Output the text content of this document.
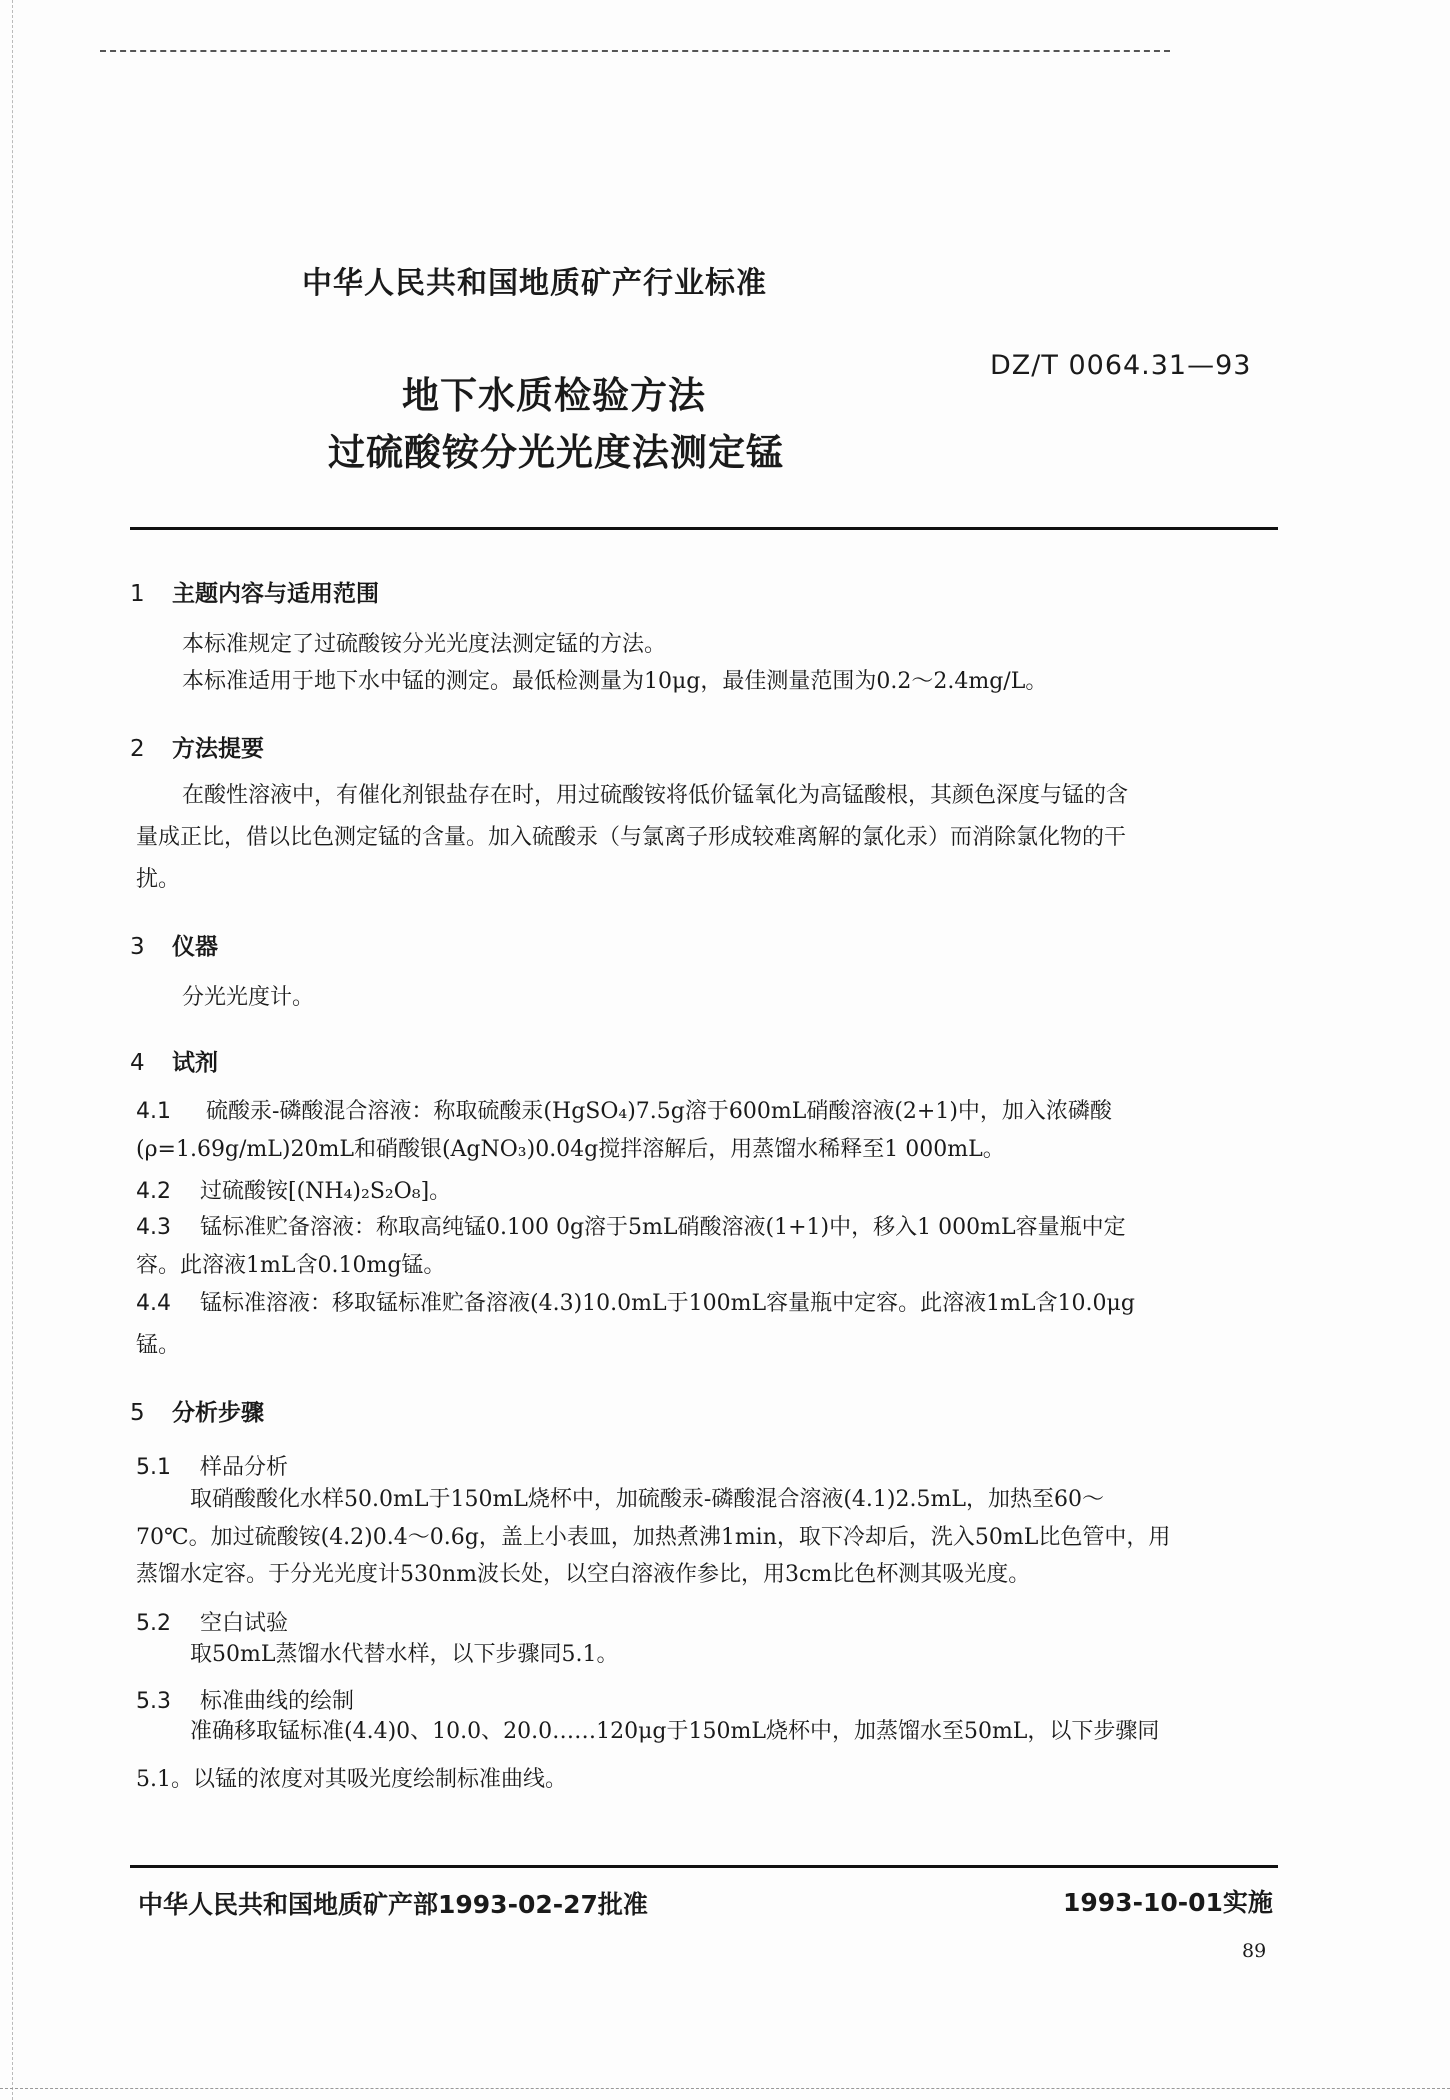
中华人民共和国地质矿产行业标准
DZ/T 0064.31—93
地下水质检验方法
过硫酸铵分光光度法测定锰
1 主题内容与适用范围
本标准规定了过硫酸铵分光光度法测定锰的方法。
本标准适用于地下水中锰的测定。最低检测量为10μg，最佳测量范围为0.2～2.4mg/L。
2 方法提要
在酸性溶液中，有催化剂银盐存在时，用过硫酸铵将低价锰氧化为高锰酸根，其颜色深度与锰的含
量成正比，借以比色测定锰的含量。加入硫酸汞（与氯离子形成较难离解的氯化汞）而消除氯化物的干
扰。
3 仪器
分光光度计。
4 试剂
4.1 硫酸汞-磷酸混合溶液：称取硫酸汞(HgSO₄)7.5g溶于600mL硝酸溶液(2+1)中，加入浓磷酸
(ρ=1.69g/mL)20mL和硝酸银(AgNO₃)0.04g搅拌溶解后，用蒸馏水稀释至1 000mL。
4.2 过硫酸铵[(NH₄)₂S₂O₈]。
4.3 锰标准贮备溶液：称取高纯锰0.100 0g溶于5mL硝酸溶液(1+1)中，移入1 000mL容量瓶中定
容。此溶液1mL含0.10mg锰。
4.4 锰标准溶液：移取锰标准贮备溶液(4.3)10.0mL于100mL容量瓶中定容。此溶液1mL含10.0μg
锰。
5 分析步骤
5.1 样品分析
取硝酸酸化水样50.0mL于150mL烧杯中，加硫酸汞-磷酸混合溶液(4.1)2.5mL，加热至60～
70℃。加过硫酸铵(4.2)0.4～0.6g，盖上小表皿，加热煮沸1min，取下冷却后，洗入50mL比色管中，用
蒸馏水定容。于分光光度计530nm波长处，以空白溶液作参比，用3cm比色杯测其吸光度。
5.2 空白试验
取50mL蒸馏水代替水样，以下步骤同5.1。
5.3 标准曲线的绘制
准确移取锰标准(4.4)0、10.0、20.0……120μg于150mL烧杯中，加蒸馏水至50mL，以下步骤同
5.1。以锰的浓度对其吸光度绘制标准曲线。
中华人民共和国地质矿产部1993-02-27批准	1993-10-01实施
89
